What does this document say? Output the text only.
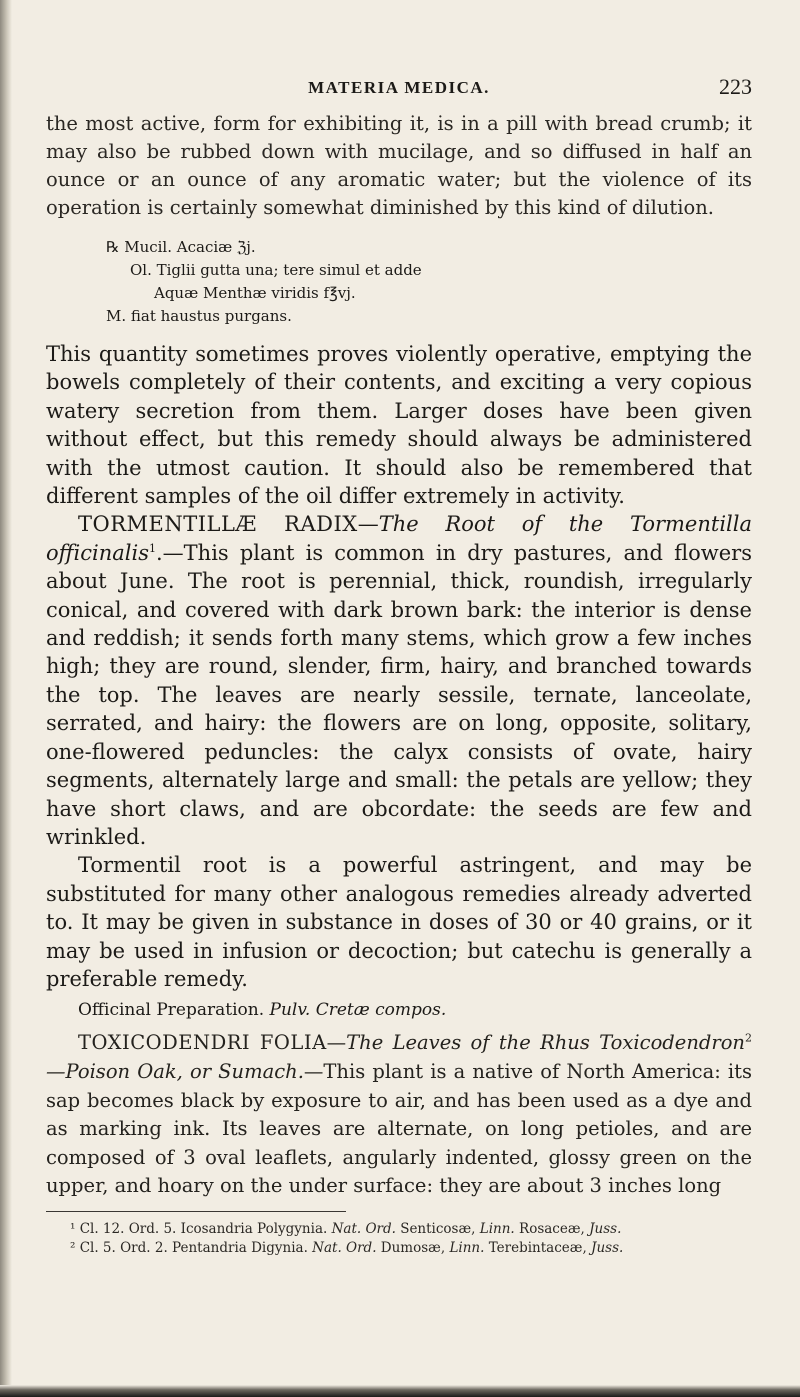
MATERIA MEDICA.	223

the most active, form for exhibiting it, is in a pill with bread crumb; it may also be rubbed down with mucilage, and so diffused in half an ounce or an ounce of any aromatic water; but the violence of its operation is certainly somewhat diminished by this kind of dilution.

℞ Mucil. Acaciæ ℨj.
Ol. Tiglii gutta una; tere simul et adde
Aquæ Menthæ viridis f℥vj.
M. fiat haustus purgans.

This quantity sometimes proves violently operative, emptying the bowels completely of their contents, and exciting a very copious watery secretion from them. Larger doses have been given without effect, but this remedy should always be administered with the utmost caution. It should also be remembered that different samples of the oil differ extremely in activity.

TORMENTILLÆ RADIX—The Root of the Tormentilla officinalis$^1$.—This plant is common in dry pastures, and flowers about June. The root is perennial, thick, roundish, irregularly conical, and covered with dark brown bark: the interior is dense and reddish; it sends forth many stems, which grow a few inches high; they are round, slender, firm, hairy, and branched towards the top. The leaves are nearly sessile, ternate, lanceolate, serrated, and hairy: the flowers are on long, opposite, solitary, one-flowered peduncles: the calyx consists of ovate, hairy segments, alternately large and small: the petals are yellow; they have short claws, and are obcordate: the seeds are few and wrinkled.

Tormentil root is a powerful astringent, and may be substituted for many other analogous remedies already adverted to. It may be given in substance in doses of 30 or 40 grains, or it may be used in infusion or decoction; but catechu is generally a preferable remedy.

Officinal Preparation. Pulv. Cretæ compos.

TOXICODENDRI FOLIA—The Leaves of the Rhus Toxicodendron$^2$—Poison Oak, or Sumach.—This plant is a native of North America: its sap becomes black by exposure to air, and has been used as a dye and as marking ink. Its leaves are alternate, on long petioles, and are composed of 3 oval leaflets, angularly indented, glossy green on the upper, and hoary on the under surface: they are about 3 inches long

¹ Cl. 12. Ord. 5. Icosandria Polygynia. Nat. Ord. Senticosæ, Linn. Rosaceæ, Juss.

² Cl. 5. Ord. 2. Pentandria Digynia. Nat. Ord. Dumosæ, Linn. Terebintaceæ, Juss.
